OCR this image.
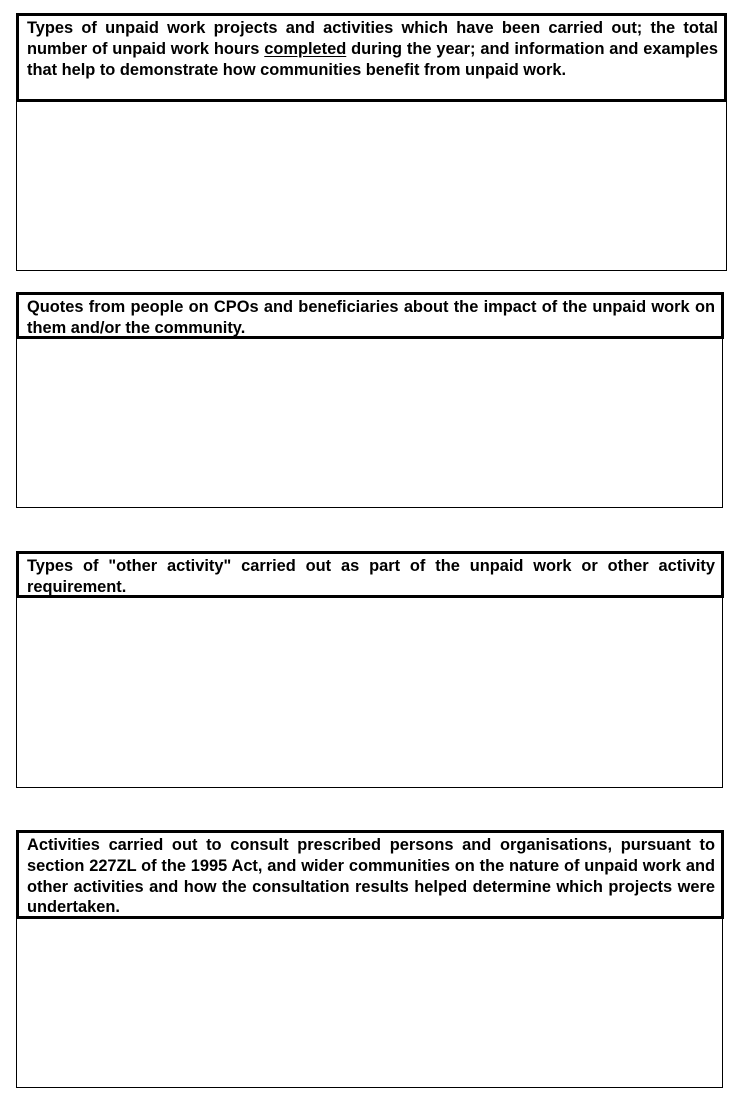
Types of unpaid work projects and activities which have been carried out; the total number of unpaid work hours completed during the year; and information and examples that help to demonstrate how communities benefit from unpaid work.
Quotes from people on CPOs and beneficiaries about the impact of the unpaid work on them and/or the community.
Types of "other activity" carried out as part of the unpaid work or other activity requirement.
Activities carried out to consult prescribed persons and organisations, pursuant to section 227ZL of the 1995 Act, and wider communities on the nature of unpaid work and other activities and how the consultation results helped determine which projects were undertaken.
